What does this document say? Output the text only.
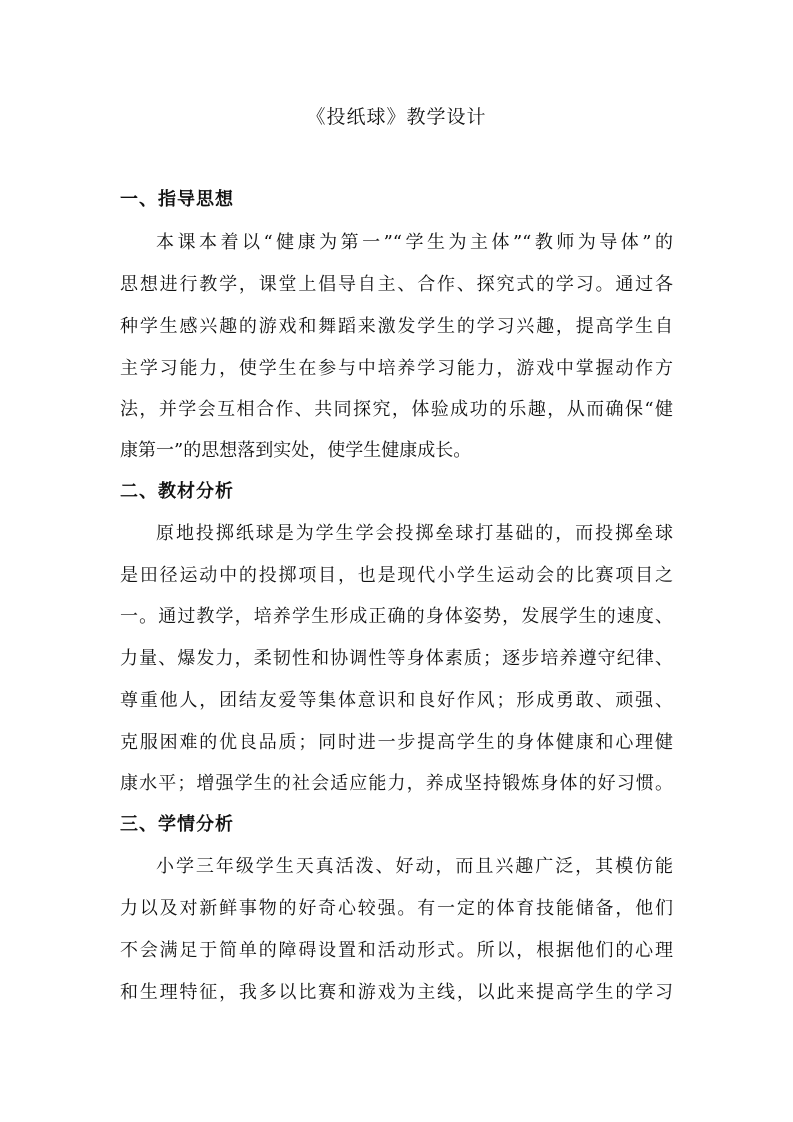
《投纸球》教学设计
一、指导思想
本课本着以“健康为第一”“学生为主体”“教师为导体”的
思想进行教学，课堂上倡导自主、合作、探究式的学习。通过各
种学生感兴趣的游戏和舞蹈来激发学生的学习兴趣，提高学生自
主学习能力，使学生在参与中培养学习能力，游戏中掌握动作方
法，并学会互相合作、共同探究，体验成功的乐趣，从而确保“健
康第一”的思想落到实处，使学生健康成长。
二、教材分析
原地投掷纸球是为学生学会投掷垒球打基础的，而投掷垒球
是田径运动中的投掷项目，也是现代小学生运动会的比赛项目之
一。通过教学，培养学生形成正确的身体姿势，发展学生的速度、
力量、爆发力，柔韧性和协调性等身体素质；逐步培养遵守纪律、
尊重他人，团结友爱等集体意识和良好作风；形成勇敢、顽强、
克服困难的优良品质；同时进一步提高学生的身体健康和心理健
康水平；增强学生的社会适应能力，养成坚持锻炼身体的好习惯。
三、学情分析
小学三年级学生天真活泼、好动，而且兴趣广泛，其模仿能
力以及对新鲜事物的好奇心较强。有一定的体育技能储备，他们
不会满足于简单的障碍设置和活动形式。所以，根据他们的心理
和生理特征，我多以比赛和游戏为主线，以此来提高学生的学习
